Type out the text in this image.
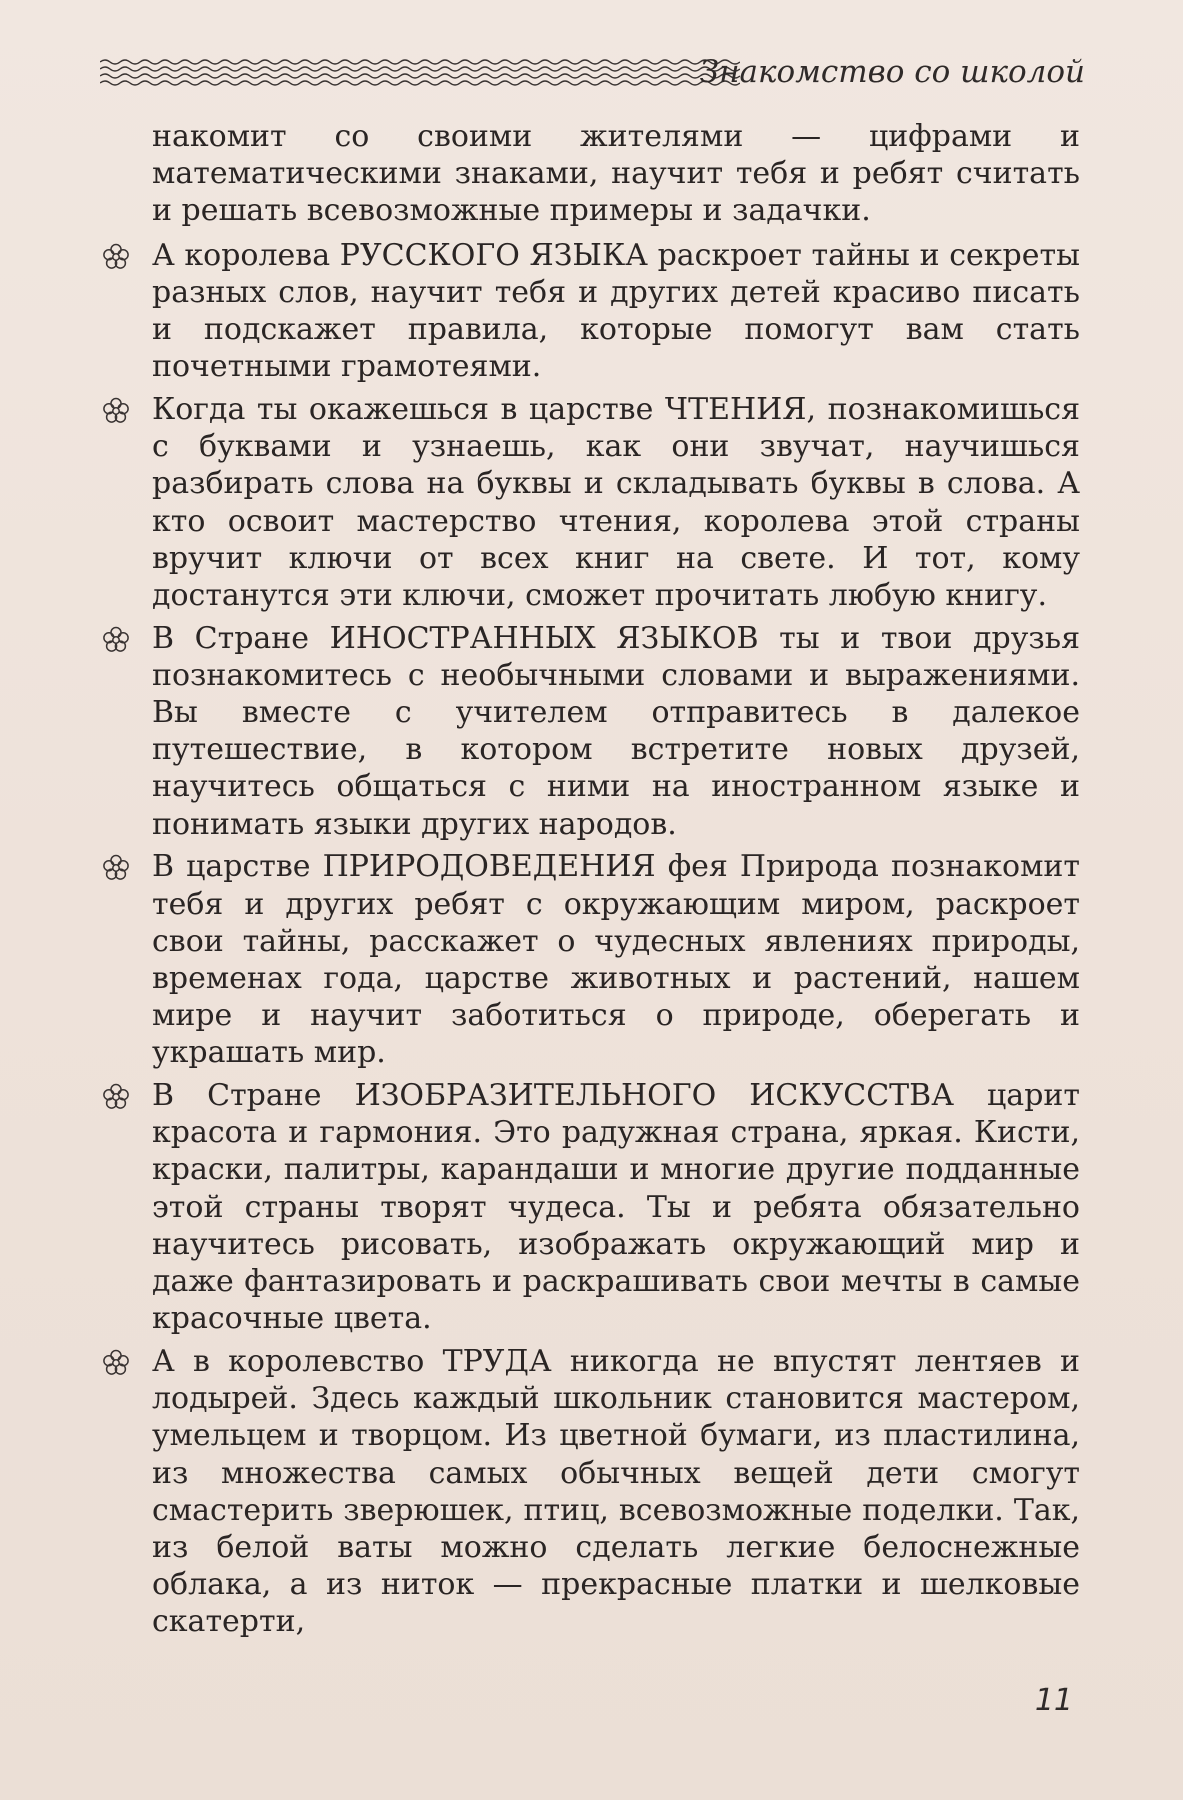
Знакомство со школой

накомит со своими жителями — цифрами и математическими знаками, научит тебя и ребят считать и решать всевозможные примеры и задачки.

А королева РУССКОГО ЯЗЫКА раскроет тайны и секреты разных слов, научит тебя и других детей красиво писать и подскажет правила, которые помогут вам стать почетными грамотеями.

Когда ты окажешься в царстве ЧТЕНИЯ, познакомишься с буквами и узнаешь, как они звучат, научишься разбирать слова на буквы и складывать буквы в слова. А кто освоит мастерство чтения, королева этой страны вручит ключи от всех книг на свете. И тот, кому достанутся эти ключи, сможет прочитать любую книгу.

В Стране ИНОСТРАННЫХ ЯЗЫКОВ ты и твои друзья познакомитесь с необычными словами и выражениями. Вы вместе с учителем отправитесь в далекое путешествие, в котором встретите новых друзей, научитесь общаться с ними на иностранном языке и понимать языки других народов.

В царстве ПРИРОДОВЕДЕНИЯ фея Природа познакомит тебя и других ребят с окружающим миром, раскроет свои тайны, расскажет о чудесных явлениях природы, временах года, царстве животных и растений, нашем мире и научит заботиться о природе, оберегать и украшать мир.

В Стране ИЗОБРАЗИТЕЛЬНОГО ИСКУССТВА царит красота и гармония. Это радужная страна, яркая. Кисти, краски, палитры, карандаши и многие другие подданные этой страны творят чудеса. Ты и ребята обязательно научитесь рисовать, изображать окружающий мир и даже фантазировать и раскрашивать свои мечты в самые красочные цвета.

А в королевство ТРУДА никогда не впустят лентяев и лодырей. Здесь каждый школьник становится мастером, умельцем и творцом. Из цветной бумаги, из пластилина, из множества самых обычных вещей дети смогут смастерить зверюшек, птиц, всевозможные поделки. Так, из белой ваты можно сделать легкие белоснежные облака, а из ниток — прекрасные платки и шелковые скатерти,

11
